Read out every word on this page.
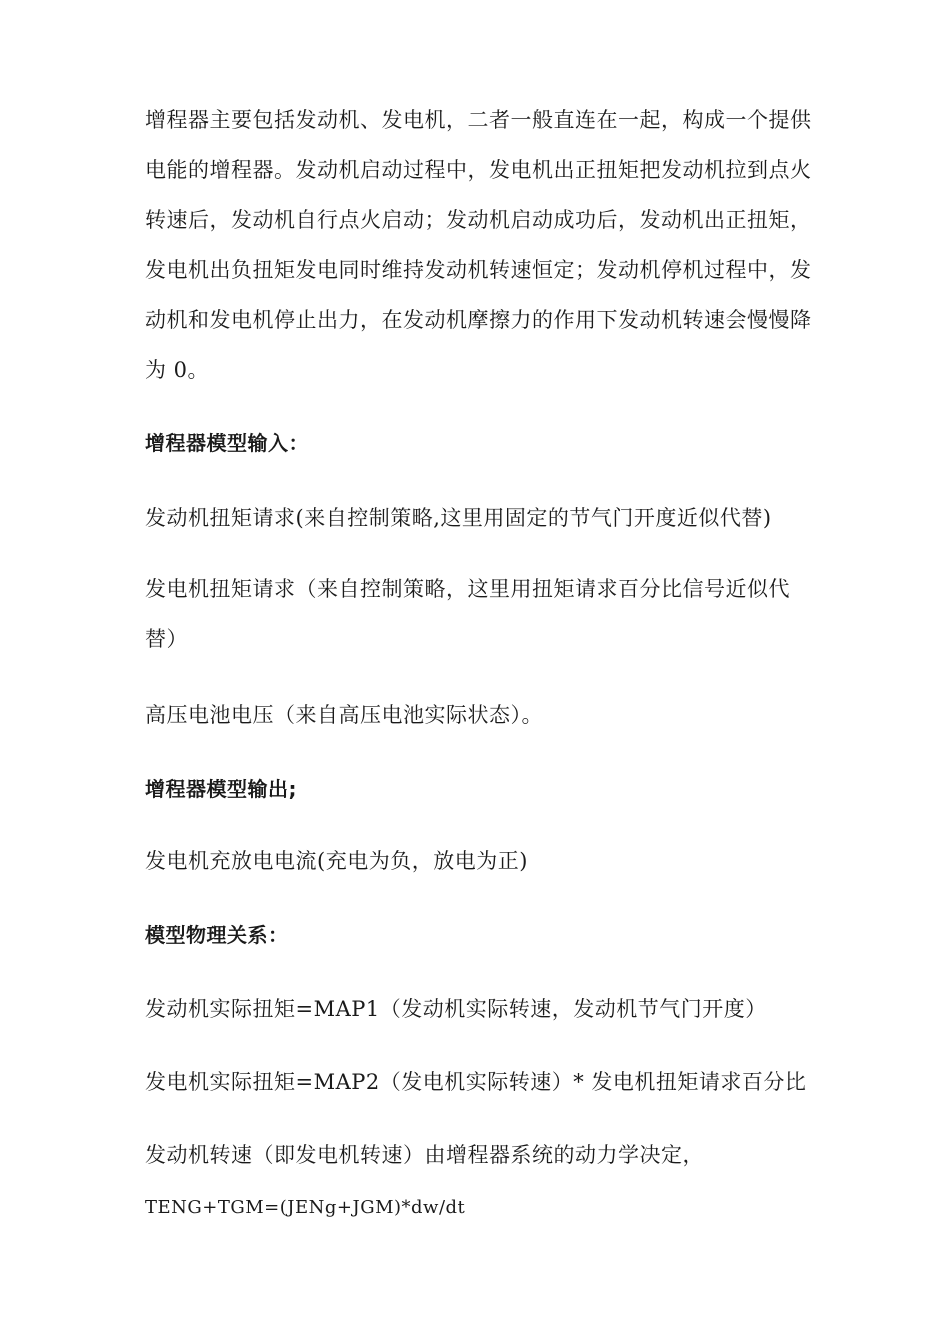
增程器主要包括发动机、发电机，二者一般直连在一起，构成一个提供电能的增程器。发动机启动过程中，发电机出正扭矩把发动机拉到点火转速后，发动机自行点火启动；发动机启动成功后，发动机出正扭矩，发电机出负扭矩发电同时维持发动机转速恒定；发动机停机过程中，发动机和发电机停止出力，在发动机摩擦力的作用下发动机转速会慢慢降为 0。

增程器模型输入：

发动机扭矩请求(来自控制策略,这里用固定的节气门开度近似代替)

发电机扭矩请求（来自控制策略，这里用扭矩请求百分比信号近似代替）

高压电池电压（来自高压电池实际状态）。

增程器模型输出;

发电机充放电电流(充电为负，放电为正)

模型物理关系：

发动机实际扭矩=MAP1（发动机实际转速，发动机节气门开度）

发电机实际扭矩=MAP2（发电机实际转速）* 发电机扭矩请求百分比

发动机转速（即发电机转速）由增程器系统的动力学决定，

TENG+TGM=(JENg+JGM)*dw/dt
